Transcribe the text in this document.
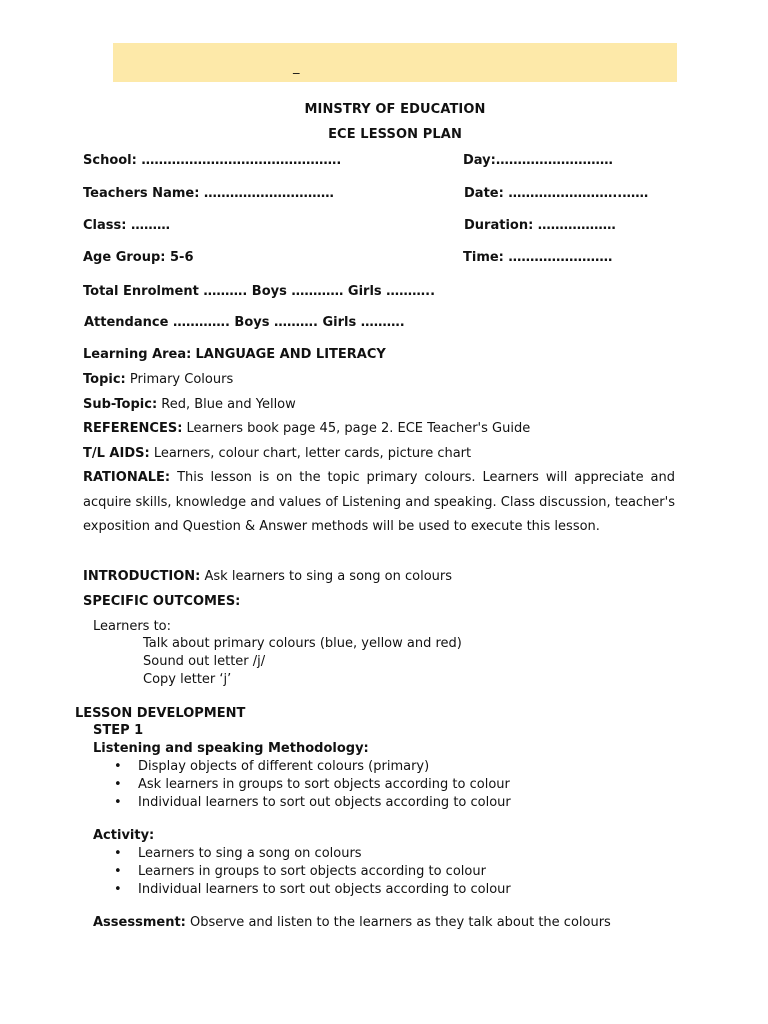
_
MINSTRY OF EDUCATION
ECE LESSON PLAN
School: ……………………………………….	Day:………………………
Teachers Name: …………………………	Date: ……………………..……
Class: ………	Duration: ………………
Age Group: 5-6	Time: ……………………
Total Enrolment ………. Boys ………… Girls ………..
Attendance …………. Boys ………. Girls ……….
Learning Area: LANGUAGE AND LITERACY
Topic: Primary Colours
Sub-Topic: Red, Blue and Yellow
REFERENCES: Learners book page 45, page 2. ECE Teacher's Guide
T/L AIDS: Learners, colour chart, letter cards, picture chart
RATIONALE: This lesson is on the topic primary colours. Learners will appreciate and acquire skills, knowledge and values of Listening and speaking. Class discussion, teacher's exposition and Question & Answer methods will be used to execute this lesson.
INTRODUCTION: Ask learners to sing a song on colours
SPECIFIC OUTCOMES:
Learners to:
Talk about primary colours (blue, yellow and red)
Sound out letter /j/
Copy letter ‘j’
LESSON DEVELOPMENT
STEP 1
Listening and speaking Methodology:
• Display objects of different colours (primary)
• Ask learners in groups to sort objects according to colour
• Individual learners to sort out objects according to colour
Activity:
• Learners to sing a song on colours
• Learners in groups to sort objects according to colour
• Individual learners to sort out objects according to colour
Assessment: Observe and listen to the learners as they talk about the colours
